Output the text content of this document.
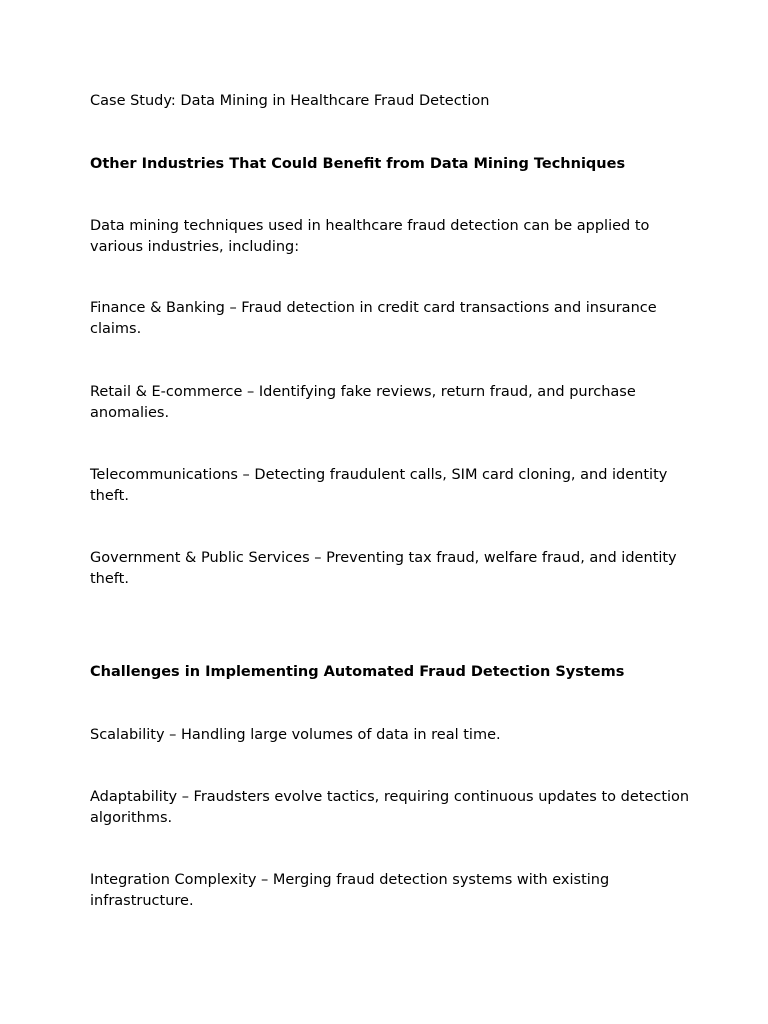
Case Study: Data Mining in Healthcare Fraud Detection

Other Industries That Could Benefit from Data Mining Techniques

Data mining techniques used in healthcare fraud detection can be applied to various industries, including:

Finance & Banking – Fraud detection in credit card transactions and insurance claims.

Retail & E-commerce – Identifying fake reviews, return fraud, and purchase anomalies.

Telecommunications – Detecting fraudulent calls, SIM card cloning, and identity theft.

Government & Public Services – Preventing tax fraud, welfare fraud, and identity theft.

Challenges in Implementing Automated Fraud Detection Systems

Scalability – Handling large volumes of data in real time.

Adaptability – Fraudsters evolve tactics, requiring continuous updates to detection algorithms.

Integration Complexity – Merging fraud detection systems with existing infrastructure.
